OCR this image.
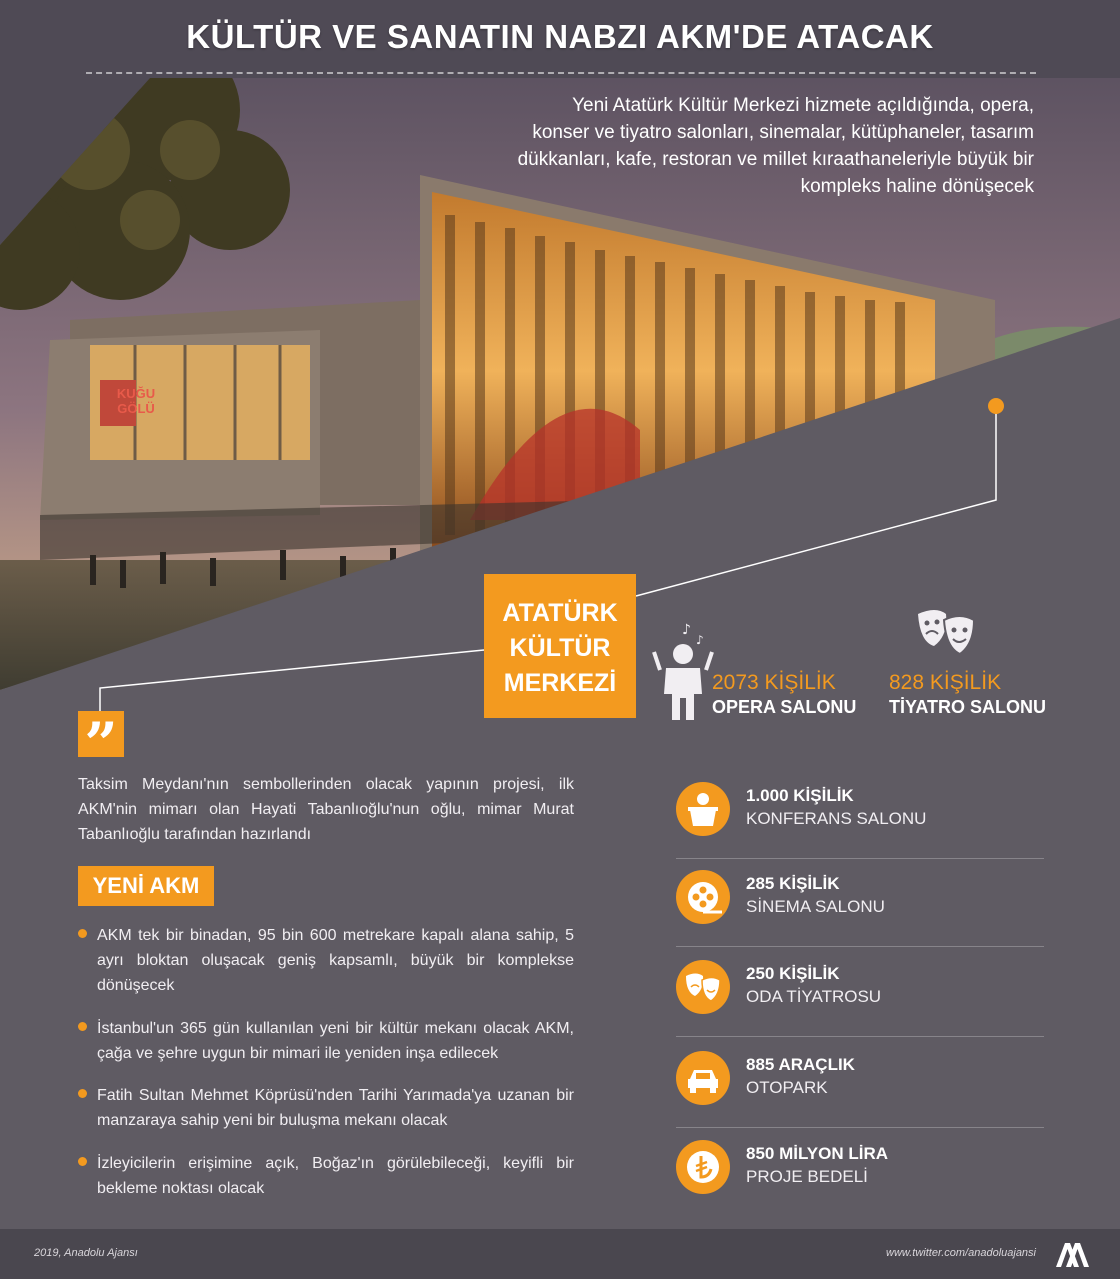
KÜLTÜR VE SANATIN NABZI AKM'DE ATACAK
Yeni Atatürk Kültür Merkezi hizmete açıldığında, opera, konser ve tiyatro salonları, sinemalar, kütüphaneler, tasarım dükkanları, kafe, restoran ve millet kıraathaneleriyle büyük bir kompleks haline dönüşecek
KUĞU
GÖLÜ
ATATÜRK
KÜLTÜR
MERKEZİ
♪
♪
2073 KİŞİLİK
OPERA SALONU
828 KİŞİLİK
TİYATRO SALONU
”
Taksim Meydanı'nın sembollerinden olacak yapının projesi, ilk AKM'nin mimarı olan Hayati Tabanlıoğlu'nun oğlu, mimar Murat Tabanlıoğlu tarafından hazırlandı
YENİ AKM
AKM tek bir binadan, 95 bin 600 metrekare kapalı alana sahip, 5 ayrı bloktan oluşacak geniş kapsamlı, büyük bir komplekse dönüşecek
İstanbul'un 365 gün kullanılan yeni bir kültür mekanı olacak AKM, çağa ve şehre uygun bir mimari ile yeniden inşa edilecek
Fatih Sultan Mehmet Köprüsü'nden Tarihi Yarımada'ya uzanan bir manzaraya sahip yeni bir buluşma mekanı olacak
İzleyicilerin erişimine açık, Boğaz'ın görülebileceği, keyifli bir bekleme noktası olacak
1.000 KİŞİLİK
KONFERANS SALONU
285 KİŞİLİK
SİNEMA SALONU
250 KİŞİLİK
ODA TİYATROSU
885 ARAÇLIK
OTOPARK
850 MİLYON LİRA
PROJE BEDELİ
2019, Anadolu Ajansı	www.twitter.com/anadoluajansi
AA
